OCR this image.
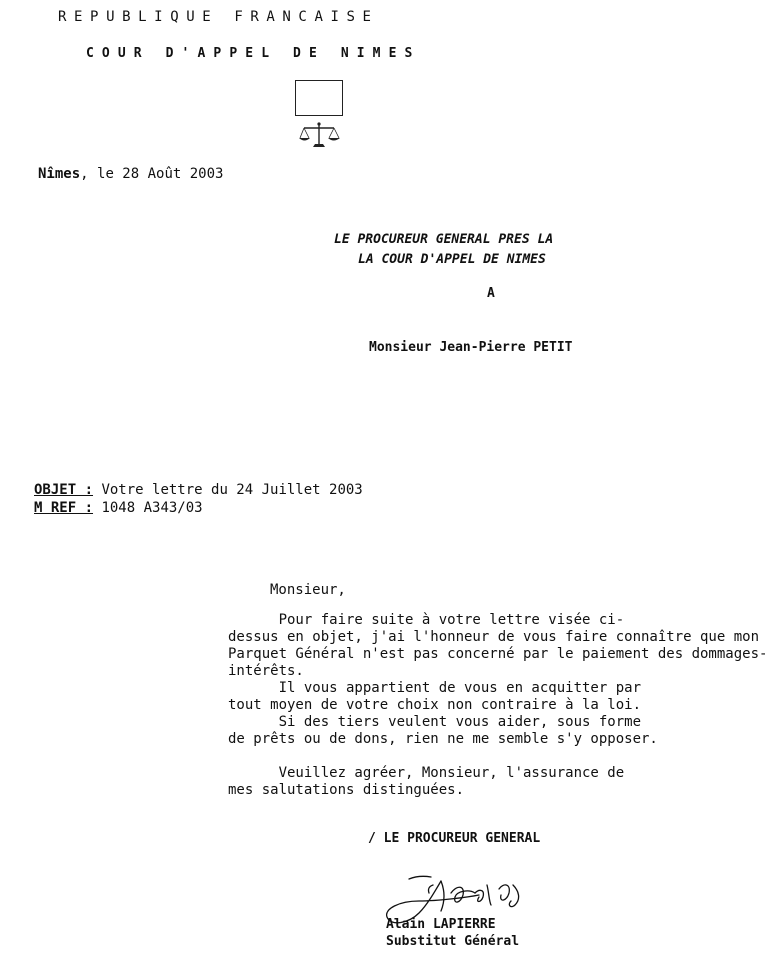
REPUBLIQUE FRANCAISE
COUR D'APPEL DE NIMES

Nîmes, le 28 Août 2003
LE PROCUREUR GENERAL PRES LA
LA COUR D'APPEL DE NIMES
A
Monsieur Jean-Pierre PETIT
OBJET : Votre lettre du 24 Juillet 2003
M REF : 1048 A343/03
Monsieur,
Pour faire suite à votre lettre visée ci-
dessus en objet, j'ai l'honneur de vous faire connaître que mon
Parquet Général n'est pas concerné par le paiement des dommages-
intérêts.
Il vous appartient de vous en acquitter par
tout moyen de votre choix non contraire à la loi.
Si des tiers veulent vous aider, sous forme
de prêts ou de dons, rien ne me semble s'y opposer.
Veuillez agréer, Monsieur, l'assurance de
mes salutations distinguées.
/ LE PROCUREUR GENERAL

Alain LAPIERRE
Substitut Général
